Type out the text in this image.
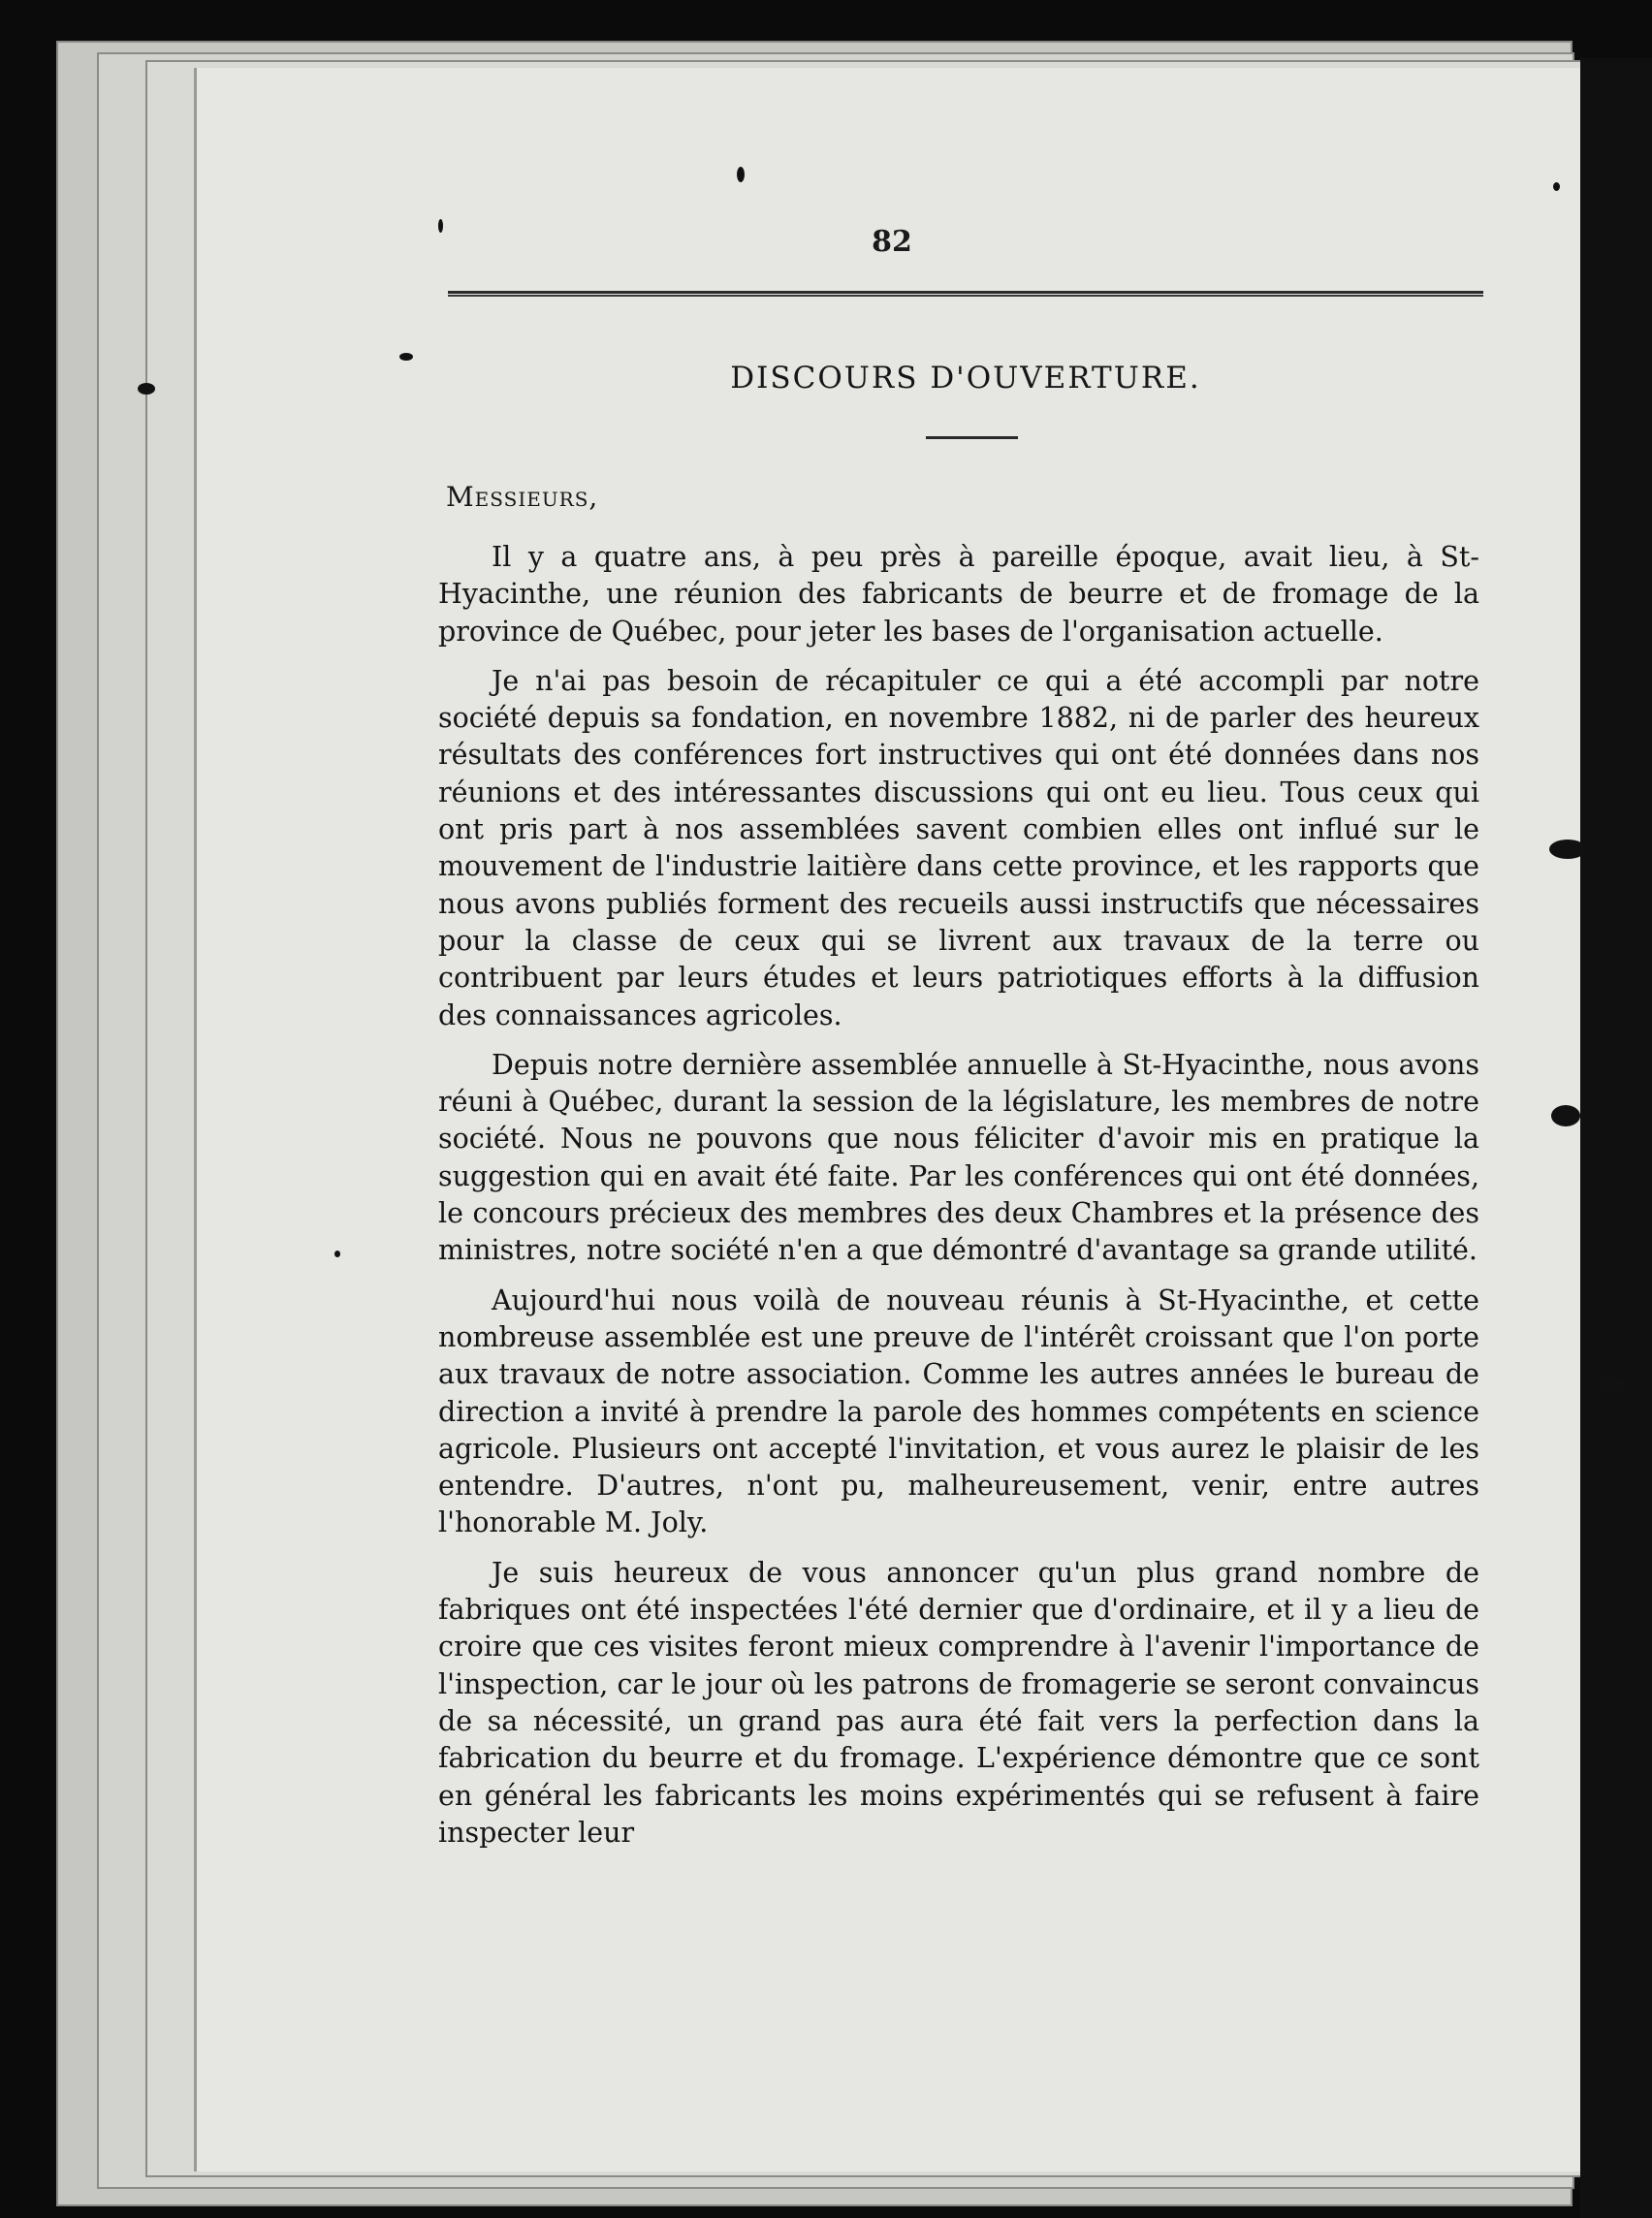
82
DISCOURS D'OUVERTURE.
Messieurs,

Il y a quatre ans, à peu près à pareille époque, avait lieu, à St-Hyacinthe, une réunion des fabricants de beurre et de fromage de la province de Québec, pour jeter les bases de l'organisation actuelle.

Je n'ai pas besoin de récapituler ce qui a été accompli par notre société depuis sa fondation, en novembre 1882, ni de parler des heureux résultats des conférences fort instructives qui ont été données dans nos réunions et des intéressantes discussions qui ont eu lieu. Tous ceux qui ont pris part à nos assemblées savent combien elles ont influé sur le mouvement de l'industrie laitière dans cette province, et les rapports que nous avons publiés forment des recueils aussi instructifs que nécessaires pour la classe de ceux qui se livrent aux travaux de la terre ou contribuent par leurs études et leurs patriotiques efforts à la diffusion des connaissances agricoles.

Depuis notre dernière assemblée annuelle à St-Hyacinthe, nous avons réuni à Québec, durant la session de la législature, les membres de notre société. Nous ne pouvons que nous féliciter d'avoir mis en pratique la suggestion qui en avait été faite. Par les conférences qui ont été données, le concours précieux des membres des deux Chambres et la présence des ministres, notre société n'en a que démontré d'avantage sa grande utilité.

Aujourd'hui nous voilà de nouveau réunis à St-Hyacinthe, et cette nombreuse assemblée est une preuve de l'intérêt croissant que l'on porte aux travaux de notre association. Comme les autres années le bureau de direction a invité à prendre la parole des hommes compétents en science agricole. Plusieurs ont accepté l'invitation, et vous aurez le plaisir de les entendre. D'autres, n'ont pu, malheureusement, venir, entre autres l'honorable M. Joly.

Je suis heureux de vous annoncer qu'un plus grand nombre de fabriques ont été inspectées l'été dernier que d'ordinaire, et il y a lieu de croire que ces visites feront mieux comprendre à l'avenir l'importance de l'inspection, car le jour où les patrons de fromagerie se seront convaincus de sa nécessité, un grand pas aura été fait vers la perfection dans la fabrication du beurre et du fromage. L'expérience démontre que ce sont en général les fabricants les moins expérimentés qui se refusent à faire inspecter leur
